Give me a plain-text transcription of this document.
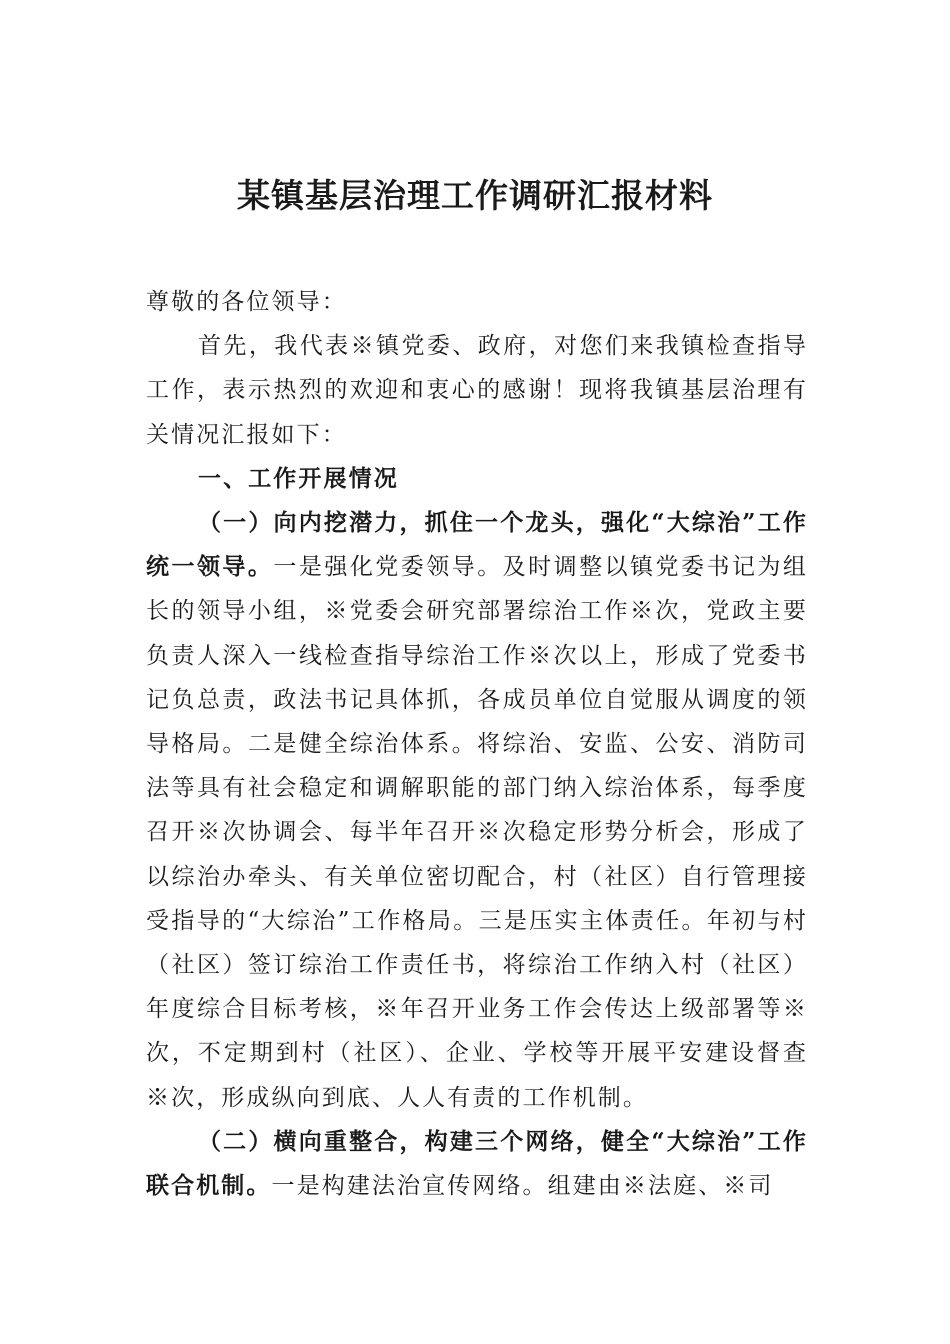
某镇基层治理工作调研汇报材料

尊敬的各位领导：

首先，我代表※镇党委、政府，对您们来我镇检查指导工作，表示热烈的欢迎和衷心的感谢！现将我镇基层治理有关情况汇报如下：

一、工作开展情况

（一）向内挖潜力，抓住一个龙头，强化“大综治”工作统一领导。一是强化党委领导。及时调整以镇党委书记为组长的领导小组，※党委会研究部署综治工作※次，党政主要负责人深入一线检查指导综治工作※次以上，形成了党委书记负总责，政法书记具体抓，各成员单位自觉服从调度的领导格局。二是健全综治体系。将综治、安监、公安、消防司法等具有社会稳定和调解职能的部门纳入综治体系，每季度召开※次协调会、每半年召开※次稳定形势分析会，形成了以综治办牵头、有关单位密切配合，村（社区）自行管理接受指导的“大综治”工作格局。三是压实主体责任。年初与村（社区）签订综治工作责任书，将综治工作纳入村（社区）年度综合目标考核，※年召开业务工作会传达上级部署等※次，不定期到村（社区）、企业、学校等开展平安建设督查※次，形成纵向到底、人人有责的工作机制。

（二）横向重整合，构建三个网络，健全“大综治”工作联合机制。一是构建法治宣传网络。组建由※法庭、※司
